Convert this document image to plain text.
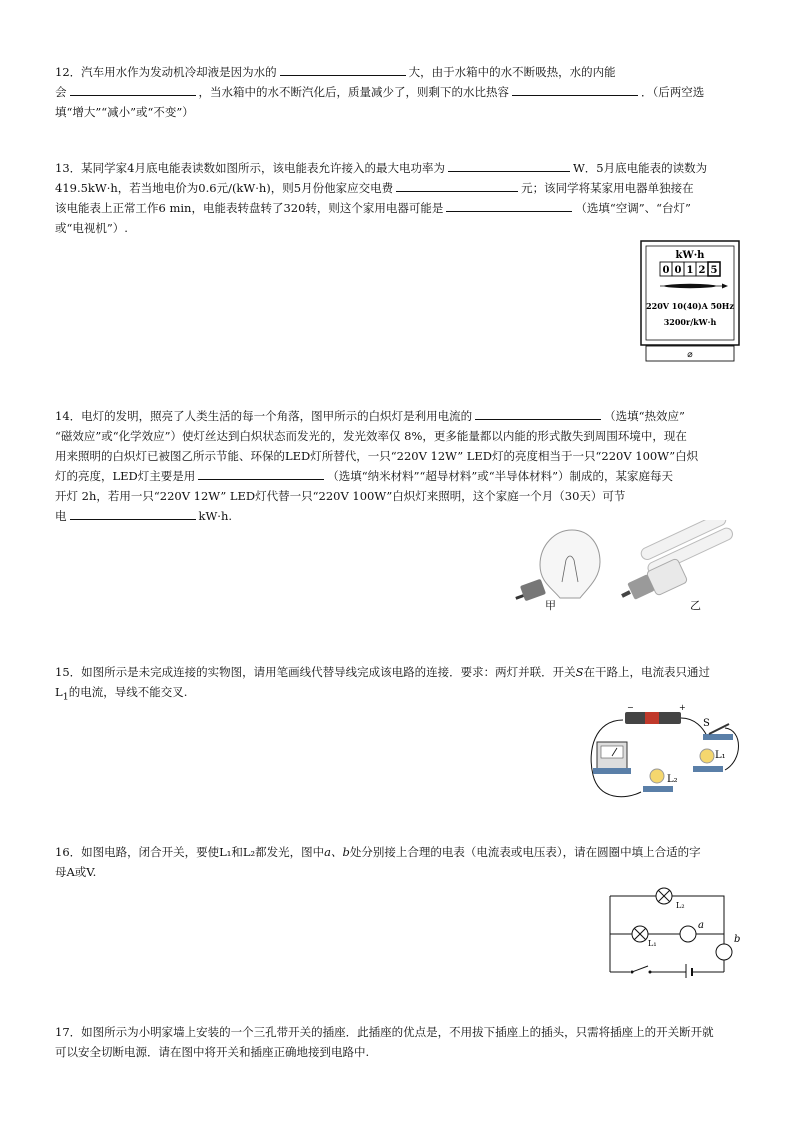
12．汽车用水作为发动机冷却液是因为水的	大，由于水箱中的水不断吸热，水的内能
会	，当水箱中的水不断汽化后，质量减少了，则剩下的水比热容	．（后两空选
填“增大”“减小”或“不变”）
13．某同学家4月底电能表读数如图所示，该电能表允许接入的最大电功率为	W．5月底电能表的读数为
419.5kW·h，若当地电价为0.6元/(kW·h)，则5月份他家应交电费	元；该同学将某家用电器单独接在
该电能表上正常工作6 min，电能表转盘转了320转，则这个家用电器可能是	（选填“空调”、“台灯”
或“电视机”）.
kW·h
0 0 1 2 5
220V 10(40)A 50Hz
3200r/kW·h
⌀
14．电灯的发明，照亮了人类生活的每一个角落，图甲所示的白炽灯是利用电流的	（选填“热效应”
“磁效应”或“化学效应”）使灯丝达到白炽状态而发光的，发光效率仅 8%，更多能量都以内能的形式散失到周围环境中，现在
用来照明的白炽灯已被图乙所示节能、环保的LED灯所替代，一只“220V 12W” LED灯的亮度相当于一只“220V 100W”白炽
灯的亮度，LED灯主要是用	（选填“纳米材料”“超导材料”或“半导体材料”）制成的，某家庭每天
开灯 2h，若用一只“220V 12W” LED灯代替一只“220V 100W”白炽灯来照明，这个家庭一个月（30天）可节
电	kW·h.
甲	乙
15．如图所示是未完成连接的实物图，请用笔画线代替导线完成该电路的连接．要求：两灯并联．开关S在干路上，电流表只通过
$L_1$的电流，导线不能交叉.
−	+
S
L₁
L₂
16．如图电路，闭合开关，要使L₁和L₂都发光，图中a、b处分别接上合理的电表（电流表或电压表），请在圆圈中填上合适的字
母A或V.
L₂
L₁
a
b
17．如图所示为小明家墙上安装的一个三孔带开关的插座．此插座的优点是，不用拔下插座上的插头，只需将插座上的开关断开就
可以安全切断电源．请在图中将开关和插座正确地接到电路中.
